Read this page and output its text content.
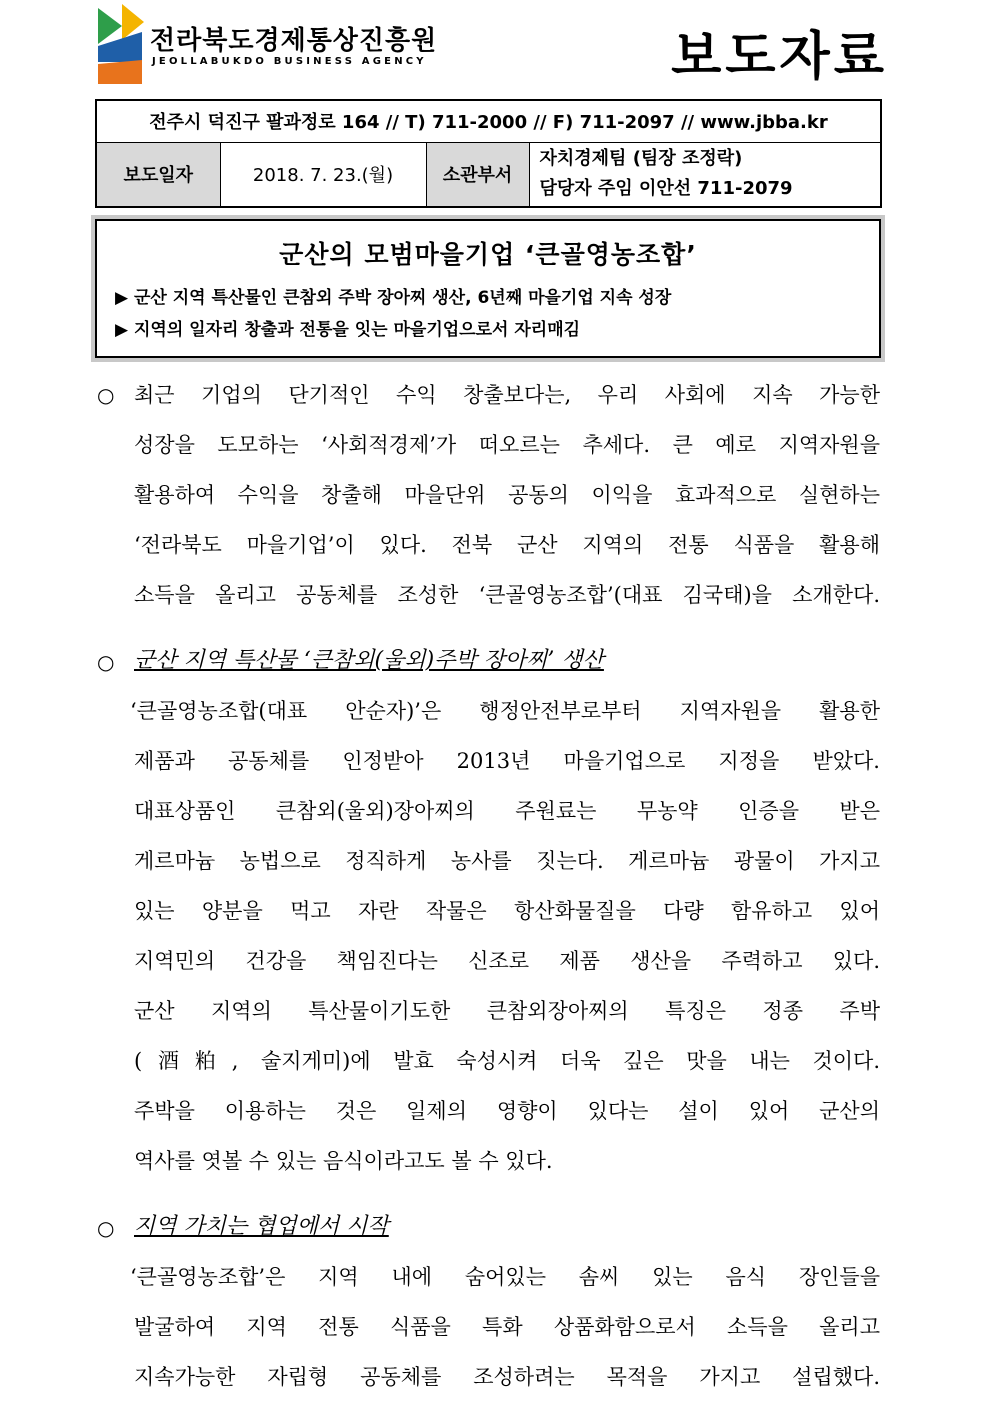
전라북도경제통상진흥원
JEOLLABUKDO BUSINESS AGENCY	보도자료
전주시 덕진구 팔과정로 164 // T) 711-2000 // F) 711-2097 // www.jbba.kr
보도일자	2018. 7. 23.(월)	소관부서	
자치경제팀 (팀장 조정락)
담당자 주임 이안선 711-2079
군산의 모범마을기업 ‘큰골영농조합’
▶ 군산 지역 특산물인 큰참외 주박 장아찌 생산, 6년째 마을기업 지속 성장
▶ 지역의 일자리 창출과 전통을 잇는 마을기업으로서 자리매김
○ 최근 기업의 단기적인 수익 창출보다는, 우리 사회에 지속 가능한
성장을 도모하는 ‘사회적경제’가 떠오르는 추세다. 큰 예로 지역자원을
활용하여 수익을 창출해 마을단위 공동의 이익을 효과적으로 실현하는
‘전라북도 마을기업’이 있다. 전북 군산 지역의 전통 식품을 활용해
소득을 올리고 공동체를 조성한 ‘큰골영농조합’(대표 김국태)을 소개한다.
○ 군산 지역 특산물 ‘큰참외(울외)주박 장아찌’ 생산
‘큰골영농조합(대표 안순자)’은 행정안전부로부터 지역자원을 활용한
제품과 공동체를 인정받아 2013년 마을기업으로 지정을 받았다.
대표상품인 큰참외(울외)장아찌의 주원료는 무농약 인증을 받은
게르마늄 농법으로 정직하게 농사를 짓는다. 게르마늄 광물이 가지고
있는 양분을 먹고 자란 작물은 항산화물질을 다량 함유하고 있어
지역민의 건강을 책임진다는 신조로 제품 생산을 주력하고 있다.
군산 지역의 특산물이기도한 큰참외장아찌의 특징은 정종 주박
(酒粕, 술지게미)에 발효 숙성시켜 더욱 깊은 맛을 내는 것이다.
주박을 이용하는 것은 일제의 영향이 있다는 설이 있어 군산의
역사를 엿볼 수 있는 음식이라고도 볼 수 있다.
○ 지역 가치는 협업에서 시작
‘큰골영농조합’은 지역 내에 숨어있는 솜씨 있는 음식 장인들을
발굴하여 지역 전통 식품을 특화 상품화함으로서 소득을 올리고
지속가능한 자립형 공동체를 조성하려는 목적을 가지고 설립했다.
